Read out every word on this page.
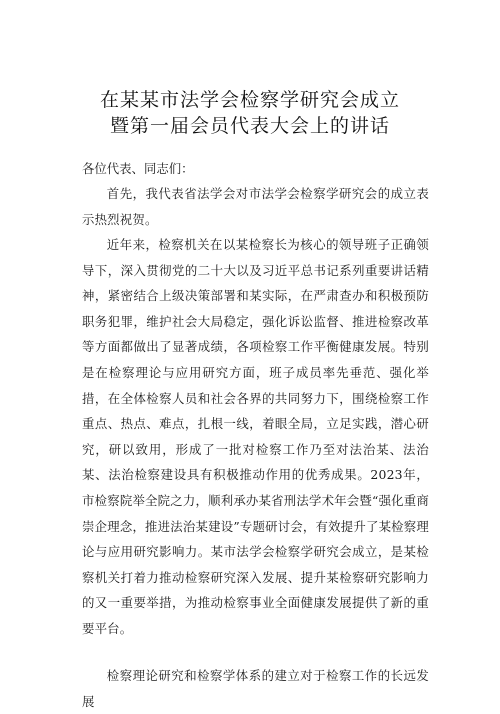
在某某市法学会检察学研究会成立
暨第一届会员代表大会上的讲话
各位代表、同志们：
首先，我代表省法学会对市法学会检察学研究会的成立表示热烈祝贺。
近年来，检察机关在以某检察长为核心的领导班子正确领导下，深入贯彻党的二十大以及习近平总书记系列重要讲话精神，紧密结合上级决策部署和某实际，在严肃查办和积极预防职务犯罪，维护社会大局稳定，强化诉讼监督、推进检察改革等方面都做出了显著成绩，各项检察工作平衡健康发展。特别是在检察理论与应用研究方面，班子成员率先垂范、强化举措，在全体检察人员和社会各界的共同努力下，围绕检察工作重点、热点、难点，扎根一线，着眼全局，立足实践，潜心研究，研以致用，形成了一批对检察工作乃至对法治某、法治某、法治检察建设具有积极推动作用的优秀成果。2023年，市检察院举全院之力，顺利承办某省刑法学术年会暨“强化重商崇企理念，推进法治某建设”专题研讨会，有效提升了某检察理论与应用研究影响力。某市法学会检察学研究会成立，是某检察机关打着力推动检察研究深入发展、提升某检察研究影响力的又一重要举措，为推动检察事业全面健康发展提供了新的重要平台。
检察理论研究和检察学体系的建立对于检察工作的长远发展
